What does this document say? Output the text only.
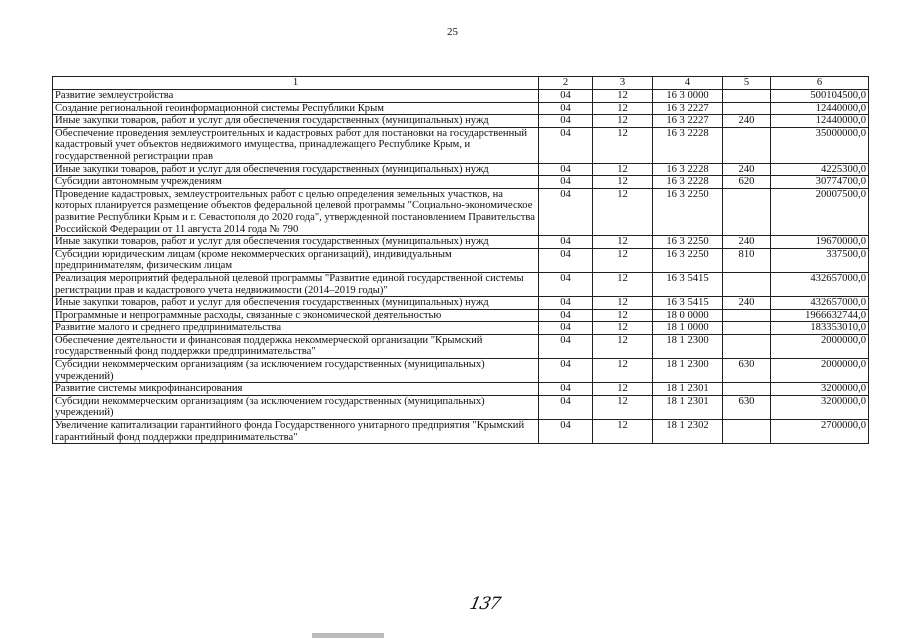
25
1	2	3	4	5	6
Развитие землеустройства	04	12	16 3 0000		500104500,0
Создание региональной геоинформационной системы Республики Крым	04	12	16 3 2227		12440000,0
Иные закупки товаров, работ и услуг для обеспечения государственных (муниципальных) нужд	04	12	16 3 2227	240	12440000,0
Обеспечение проведения землеустроительных и кадастровых работ для постановки на государственный кадастровый учет объектов недвижимого имущества, принадлежащего Республике Крым, и государственной регистрации прав	04	12	16 3 2228		35000000,0
Иные закупки товаров, работ и услуг для обеспечения государственных (муниципальных) нужд	04	12	16 3 2228	240	4225300,0
Субсидии автономным учреждениям	04	12	16 3 2228	620	30774700,0
Проведение кадастровых, землеустроительных работ с целью определения земельных участков, на которых планируется размещение объектов федеральной целевой программы "Социально-экономическое развитие Республики Крым и г. Севастополя до 2020 года", утвержденной постановлением Правительства Российской Федерации от 11 августа 2014 года № 790	04	12	16 3 2250		20007500,0
Иные закупки товаров, работ и услуг для обеспечения государственных (муниципальных) нужд	04	12	16 3 2250	240	19670000,0
Субсидии юридическим лицам (кроме некоммерческих организаций), индивидуальным предпринимателям, физическим лицам	04	12	16 3 2250	810	337500,0
Реализация мероприятий федеральной целевой программы "Развитие единой государственной системы регистрации прав и кадастрового учета недвижимости (2014–2019 годы)"	04	12	16 3 5415		432657000,0
Иные закупки товаров, работ и услуг для обеспечения государственных (муниципальных) нужд	04	12	16 3 5415	240	432657000,0
Программные и непрограммные расходы, связанные с экономической деятельностью	04	12	18 0 0000		1966632744,0
Развитие малого и среднего предпринимательства	04	12	18 1 0000		183353010,0
Обеспечение деятельности и финансовая поддержка некоммерческой организации "Крымский государственный фонд поддержки предпринимательства"	04	12	18 1 2300		2000000,0
Субсидии некоммерческим организациям (за исключением государственных (муниципальных) учреждений)	04	12	18 1 2300	630	2000000,0
Развитие системы микрофинансирования	04	12	18 1 2301		3200000,0
Субсидии некоммерческим организациям (за исключением государственных (муниципальных) учреждений)	04	12	18 1 2301	630	3200000,0
Увеличение капитализации гарантийного фонда Государственного унитарного предприятия "Крымский гарантийный фонд поддержки предпринимательства"	04	12	18 1 2302		2700000,0
137
